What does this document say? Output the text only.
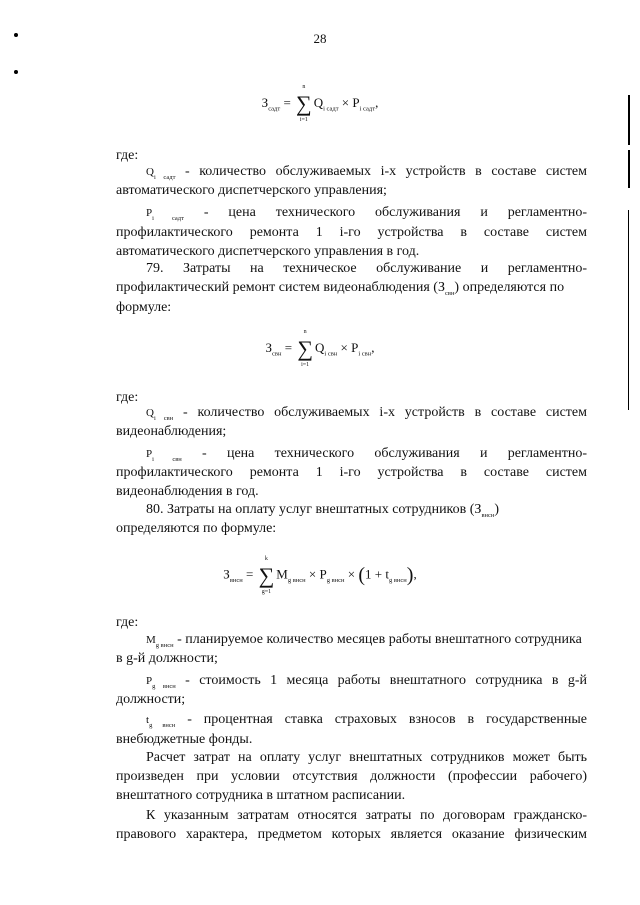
28
$З_{садт}$ = ∑
n
i=1
$Q_{i садт} \times P_{i садт}$,
где:
$Q_{i садт}$ - количество обслуживаемых i-х устройств в составе систем
автоматического диспетчерского управления;
$P_{i садт}$ - цена технического обслуживания и регламентно-
профилактического ремонта 1 i-го устройства в составе систем
автоматического диспетчерского управления в год.
79. Затраты на техническое обслуживание и регламентно-
профилактический ремонт систем видеонаблюдения $(З_{свн})$ определяются по
формуле:
$З_{свн}$ = ∑
n
i=1
$Q_{i свн} \times P_{i свн}$,
где:
$Q_{i свн}$ - количество обслуживаемых i-х устройств в составе систем
видеонаблюдения;
$P_{i свн}$ - цена технического обслуживания и регламентно-
профилактического ремонта 1 i-го устройства в составе систем
видеонаблюдения в год.
80. Затраты на оплату услуг внештатных сотрудников $(З_{внсн})$
определяются по формуле:
$З_{внсн}$ = ∑
k
g=1
$M_{g внсн} \times P_{g внсн} \times (1 + t_{g внсн})$,
где:
$M_{g внсн}$ - планируемое количество месяцев работы внештатного сотрудника
в g-й должности;
$P_{g внсн}$ - стоимость 1 месяца работы внештатного сотрудника в g-й
должности;
$t_{g внсн}$ - процентная ставка страховых взносов в государственные
внебюджетные фонды.
Расчет затрат на оплату услуг внештатных сотрудников может быть
произведен при условии отсутствия должности (профессии рабочего)
внештатного сотрудника в штатном расписании.
К указанным затратам относятся затраты по договорам гражданско-
правового характера, предметом которых является оказание физическим
